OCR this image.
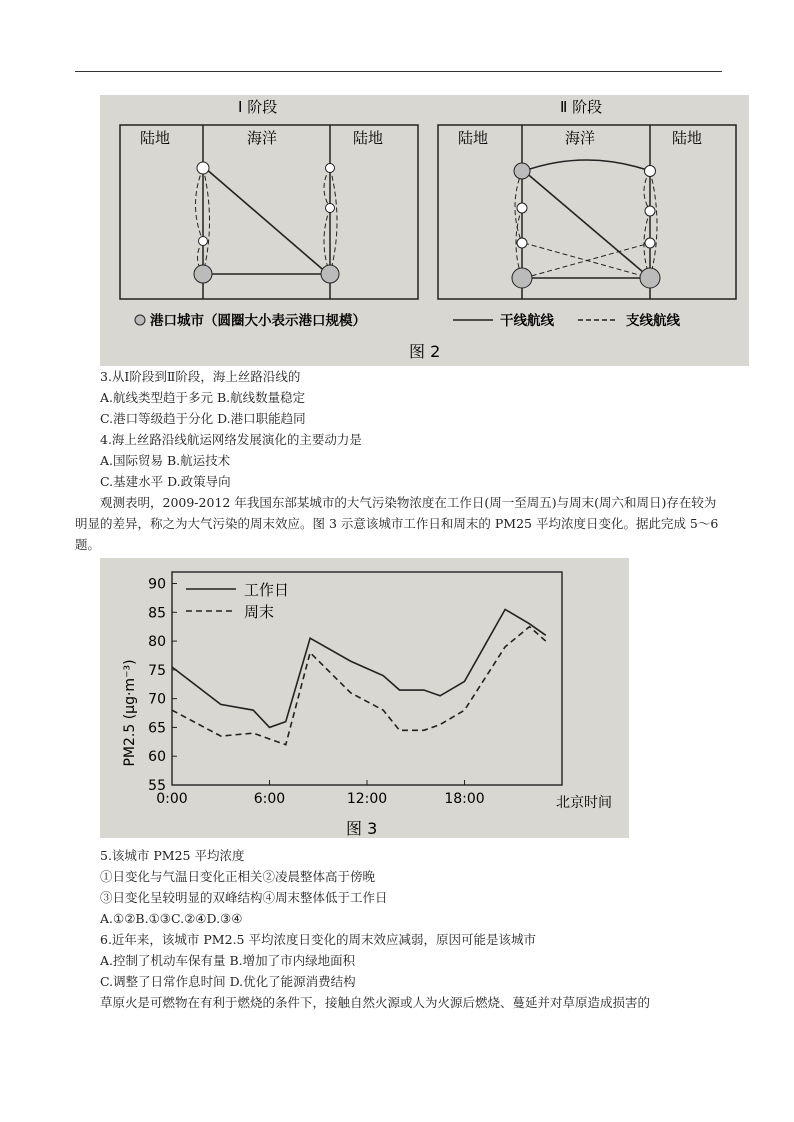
Ⅰ 阶段
陆地	海洋	陆地
Ⅱ 阶段
陆地	海洋	陆地
港口城市（圆圈大小表示港口规模）	干线航线	支线航线
图 2

3.从Ⅰ阶段到Ⅱ阶段，海上丝路沿线的

A.航线类型趋于多元 B.航线数量稳定

C.港口等级趋于分化 D.港口职能趋同

4.海上丝路沿线航运网络发展演化的主要动力是

A.国际贸易 B.航运技术

C.基建水平 D.政策导向

观测表明，2009-2012 年我国东部某城市的大气污染物浓度在工作日(周一至周五)与周末(周六和周日)存在较为明显的差异，称之为大气污染的周末效应。图 3 示意该城市工作日和周末的 PM25 平均浓度日变化。据此完成 5～6 题。
55
60
65
70
75
80
85
90
0:00	6:00	12:00	18:00
工作日
周末
PM2.5 (μg·m⁻³)
北京时间
图 3

5.该城市 PM25 平均浓度

①日变化与气温日变化正相关②凌晨整体高于傍晚

③日变化呈较明显的双峰结构④周末整体低于工作日

A.①②B.①③C.②④D.③④

6.近年来，该城市 PM2.5 平均浓度日变化的周末效应减弱，原因可能是该城市

A.控制了机动车保有量 B.增加了市内绿地面积

C.调整了日常作息时间 D.优化了能源消费结构

草原火是可燃物在有利于燃烧的条件下，接触自然火源或人为火源后燃烧、蔓延并对草原造成损害的
